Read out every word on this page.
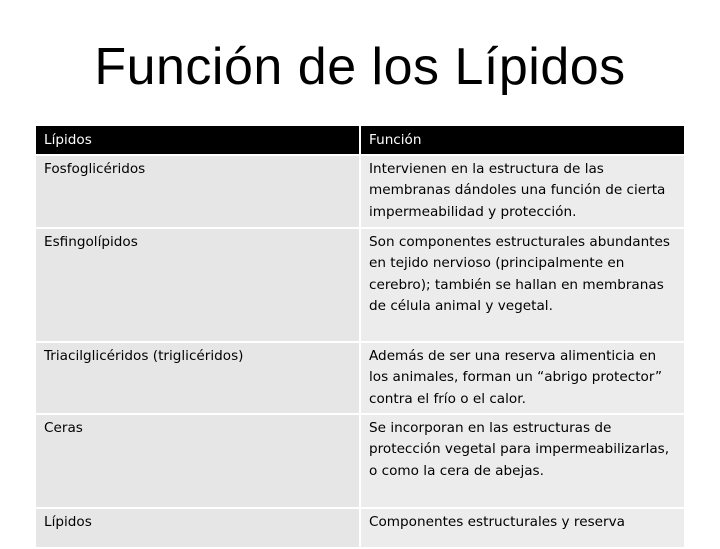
Función de los Lípidos
Lípidos	Función
Fosfoglicéridos	Intervienen en la estructura de las membranas dándoles una función de cierta impermeabilidad y protección.
Esfingolípidos	Son componentes estructurales abundantes en tejido nervioso (principalmente en cerebro); también se hallan en membranas de célula animal y vegetal.
Triacilglicéridos (triglicéridos)	Además de ser una reserva alimenticia en los animales, forman un “abrigo protector” contra el frío o el calor.
Ceras	Se incorporan en las estructuras de protección vegetal para impermeabilizarlas, o como la cera de abejas.
Lípidos	Componentes estructurales y reserva
